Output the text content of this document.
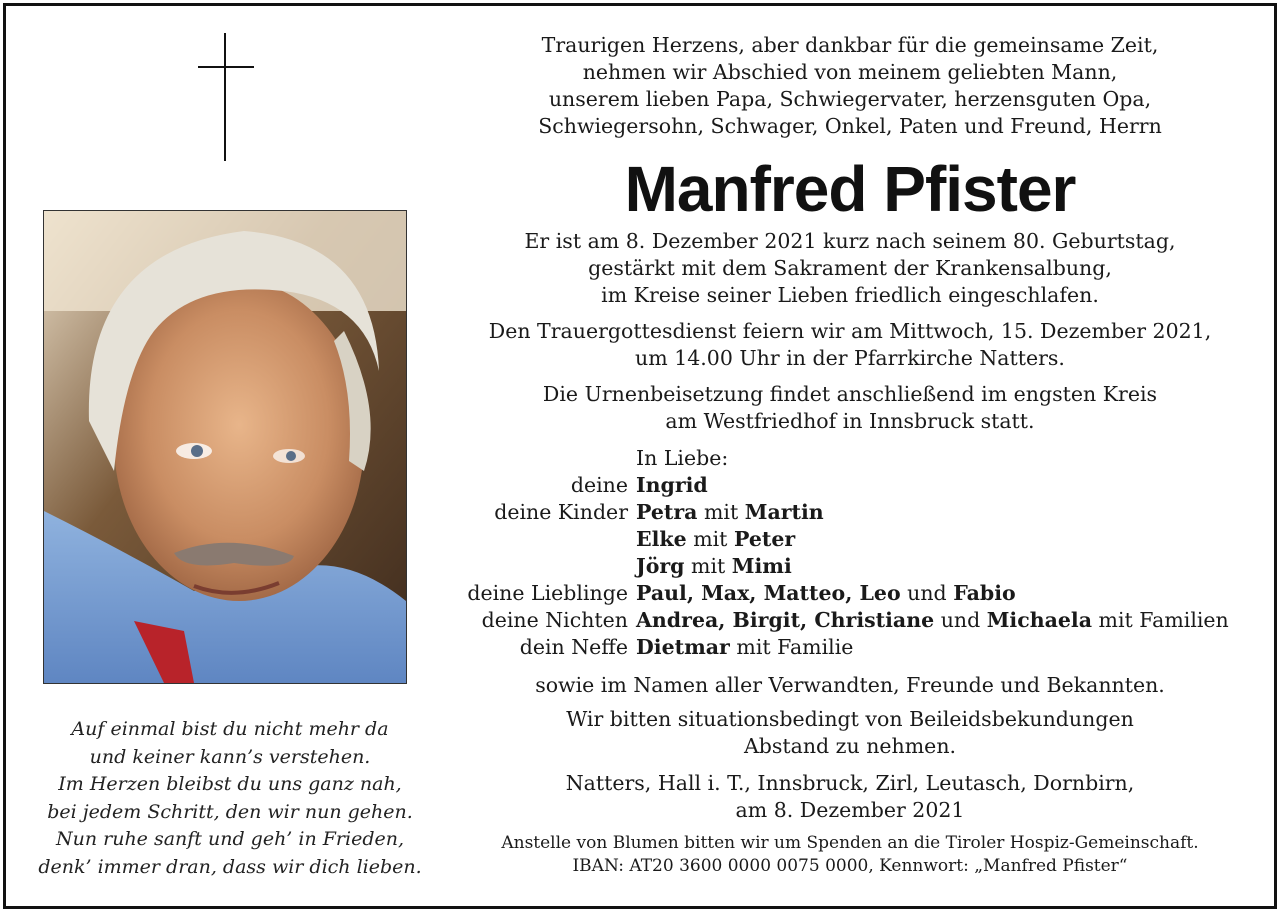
Auf einmal bist du nicht mehr da
und keiner kann’s verstehen.
Im Herzen bleibst du uns ganz nah,
bei jedem Schritt, den wir nun gehen.
Nun ruhe sanft und geh’ in Frieden,
denk’ immer dran, dass wir dich lieben.
Traurigen Herzens, aber dankbar für die gemeinsame Zeit,
nehmen wir Abschied von meinem geliebten Mann,
unserem lieben Papa, Schwiegervater, herzensguten Opa,
Schwiegersohn, Schwager, Onkel, Paten und Freund, Herrn
Manfred Pfister
Er ist am 8. Dezember 2021 kurz nach seinem 80. Geburtstag,
gestärkt mit dem Sakrament der Krankensalbung,
im Kreise seiner Lieben friedlich eingeschlafen.
Den Trauergottesdienst feiern wir am Mittwoch, 15. Dezember 2021,
um 14.00 Uhr in der Pfarrkirche Natters.
Die Urnenbeisetzung findet anschließend im engsten Kreis
am Westfriedhof in Innsbruck statt.
In Liebe:
deine Ingrid
deine Kinder Petra mit Martin
Elke mit Peter
Jörg mit Mimi
deine Lieblinge Paul, Max, Matteo, Leo und Fabio
deine Nichten Andrea, Birgit, Christiane und Michaela mit Familien
dein Neffe Dietmar mit Familie
sowie im Namen aller Verwandten, Freunde und Bekannten.
Wir bitten situationsbedingt von Beileidsbekundungen
Abstand zu nehmen.
Natters, Hall i. T., Innsbruck, Zirl, Leutasch, Dornbirn,
am 8. Dezember 2021
Anstelle von Blumen bitten wir um Spenden an die Tiroler Hospiz-Gemeinschaft.
IBAN: AT20 3600 0000 0075 0000, Kennwort: „Manfred Pfister“
